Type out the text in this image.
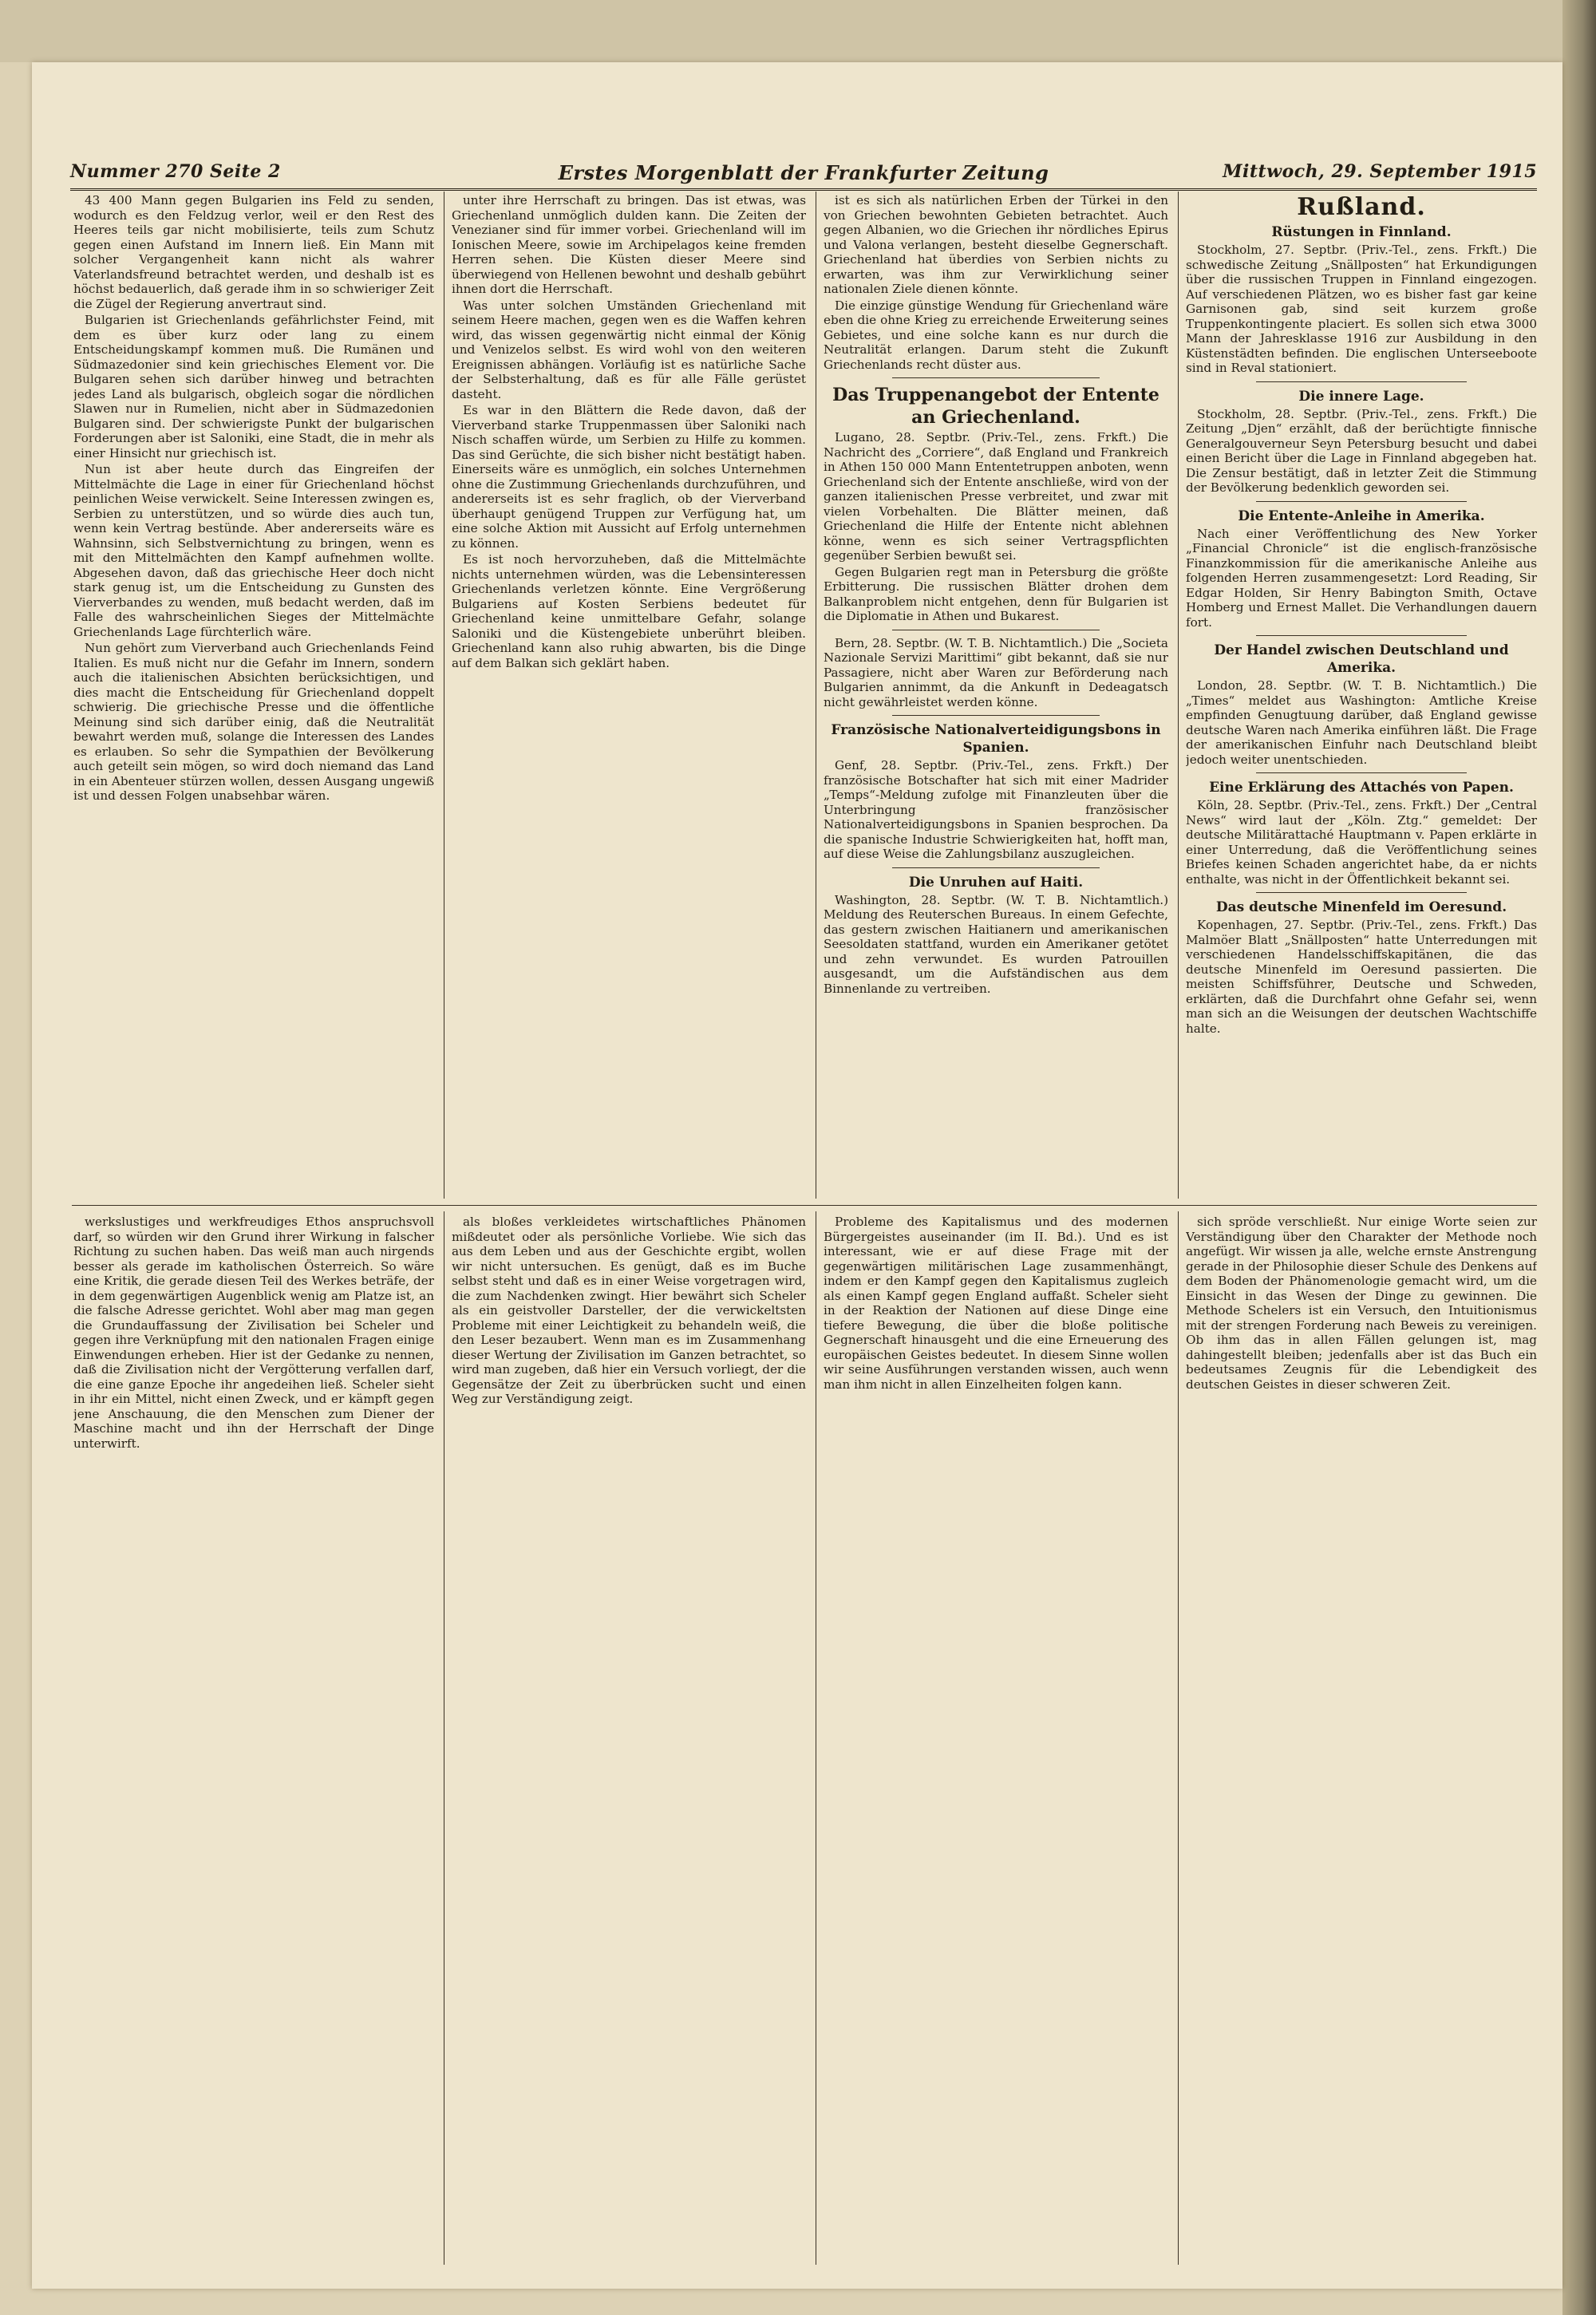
Nummer 270 Seite 2	Erstes Morgenblatt der Frankfurter Zeitung	Mittwoch, 29. September 1915

43 400 Mann gegen Bulgarien ins Feld zu senden, wodurch es den Feldzug verlor, weil er den Rest des Heeres teils gar nicht mobilisierte, teils zum Schutz gegen einen Aufstand im Innern ließ. Ein Mann mit solcher Vergangenheit kann nicht als wahrer Vaterlandsfreund betrachtet werden, und deshalb ist es höchst bedauerlich, daß gerade ihm in so schwieriger Zeit die Zügel der Regierung anvertraut sind.

Bulgarien ist Griechenlands gefährlichster Feind, mit dem es über kurz oder lang zu einem Entscheidungskampf kommen muß. Die Rumänen und Südmazedonier sind kein griechisches Element vor. Die Bulgaren sehen sich darüber hinweg und betrachten jedes Land als bulgarisch, obgleich sogar die nördlichen Slawen nur in Rumelien, nicht aber in Südmazedonien Bulgaren sind. Der schwierigste Punkt der bulgarischen Forderungen aber ist Saloniki, eine Stadt, die in mehr als einer Hinsicht nur griechisch ist.

Nun ist aber heute durch das Eingreifen der Mittelmächte die Lage in einer für Griechenland höchst peinlichen Weise verwickelt. Seine Interessen zwingen es, Serbien zu unterstützen, und so würde dies auch tun, wenn kein Vertrag bestünde. Aber andererseits wäre es Wahnsinn, sich Selbstvernichtung zu bringen, wenn es mit den Mittelmächten den Kampf aufnehmen wollte. Abgesehen davon, daß das griechische Heer doch nicht stark genug ist, um die Entscheidung zu Gunsten des Vierverbandes zu wenden, muß bedacht werden, daß im Falle des wahrscheinlichen Sieges der Mittelmächte Griechenlands Lage fürchterlich wäre.

Nun gehört zum Vierverband auch Griechenlands Feind Italien. Es muß nicht nur die Gefahr im Innern, sondern auch die italienischen Absichten berücksichtigen, und dies macht die Entscheidung für Griechenland doppelt schwierig. Die griechische Presse und die öffentliche Meinung sind sich darüber einig, daß die Neutralität bewahrt werden muß, solange die Interessen des Landes es erlauben. So sehr die Sympathien der Bevölkerung auch geteilt sein mögen, so wird doch niemand das Land in ein Abenteuer stürzen wollen, dessen Ausgang ungewiß ist und dessen Folgen unabsehbar wären.

unter ihre Herrschaft zu bringen. Das ist etwas, was Griechenland unmöglich dulden kann. Die Zeiten der Venezianer sind für immer vorbei. Griechenland will im Ionischen Meere, sowie im Archipelagos keine fremden Herren sehen. Die Küsten dieser Meere sind überwiegend von Hellenen bewohnt und deshalb gebührt ihnen dort die Herrschaft.

Was unter solchen Umständen Griechenland mit seinem Heere machen, gegen wen es die Waffen kehren wird, das wissen gegenwärtig nicht einmal der König und Venizelos selbst. Es wird wohl von den weiteren Ereignissen abhängen. Vorläufig ist es natürliche Sache der Selbsterhaltung, daß es für alle Fälle gerüstet dasteht.

Es war in den Blättern die Rede davon, daß der Vierverband starke Truppenmassen über Saloniki nach Nisch schaffen würde, um Serbien zu Hilfe zu kommen. Das sind Gerüchte, die sich bisher nicht bestätigt haben. Einerseits wäre es unmöglich, ein solches Unternehmen ohne die Zustimmung Griechenlands durchzuführen, und andererseits ist es sehr fraglich, ob der Vierverband überhaupt genügend Truppen zur Verfügung hat, um eine solche Aktion mit Aussicht auf Erfolg unternehmen zu können.

Es ist noch hervorzuheben, daß die Mittelmächte nichts unternehmen würden, was die Lebensinteressen Griechenlands verletzen könnte. Eine Vergrößerung Bulgariens auf Kosten Serbiens bedeutet für Griechenland keine unmittelbare Gefahr, solange Saloniki und die Küstengebiete unberührt bleiben. Griechenland kann also ruhig abwarten, bis die Dinge auf dem Balkan sich geklärt haben.

ist es sich als natürlichen Erben der Türkei in den von Griechen bewohnten Gebieten betrachtet. Auch gegen Albanien, wo die Griechen ihr nördliches Epirus und Valona verlangen, besteht dieselbe Gegnerschaft. Griechenland hat überdies von Serbien nichts zu erwarten, was ihm zur Verwirklichung seiner nationalen Ziele dienen könnte.

Die einzige günstige Wendung für Griechenland wäre eben die ohne Krieg zu erreichende Erweiterung seines Gebietes, und eine solche kann es nur durch die Neutralität erlangen. Darum steht die Zukunft Griechenlands recht düster aus.

Das Truppenangebot der Entente an Griechenland.

Lugano, 28. Septbr. (Priv.-Tel., zens. Frkft.) Die Nachricht des „Corriere“, daß England und Frankreich in Athen 150 000 Mann Ententetruppen anboten, wenn Griechenland sich der Entente anschließe, wird von der ganzen italienischen Presse verbreitet, und zwar mit vielen Vorbehalten. Die Blätter meinen, daß Griechenland die Hilfe der Entente nicht ablehnen könne, wenn es sich seiner Vertragspflichten gegenüber Serbien bewußt sei.

Gegen Bulgarien regt man in Petersburg die größte Erbitterung. Die russischen Blätter drohen dem Balkanproblem nicht entgehen, denn für Bulgarien ist die Diplomatie in Athen und Bukarest.

Bern, 28. Septbr. (W. T. B. Nichtamtlich.) Die „Societa Nazionale Servizi Marittimi“ gibt bekannt, daß sie nur Passagiere, nicht aber Waren zur Beförderung nach Bulgarien annimmt, da die Ankunft in Dedeagatsch nicht gewährleistet werden könne.

Französische Nationalverteidigungsbons in Spanien.

Genf, 28. Septbr. (Priv.-Tel., zens. Frkft.) Der französische Botschafter hat sich mit einer Madrider „Temps“-Meldung zufolge mit Finanzleuten über die Unterbringung französischer Nationalverteidigungsbons in Spanien besprochen. Da die spanische Industrie Schwierigkeiten hat, hofft man, auf diese Weise die Zahlungsbilanz auszugleichen.

Die Unruhen auf Haiti.

Washington, 28. Septbr. (W. T. B. Nichtamtlich.) Meldung des Reuterschen Bureaus. In einem Gefechte, das gestern zwischen Haitianern und amerikanischen Seesoldaten stattfand, wurden ein Amerikaner getötet und zehn verwundet. Es wurden Patrouillen ausgesandt, um die Aufständischen aus dem Binnenlande zu vertreiben.

Rußland.

Rüstungen in Finnland.

Stockholm, 27. Septbr. (Priv.-Tel., zens. Frkft.) Die schwedische Zeitung „Snällposten“ hat Erkundigungen über die russischen Truppen in Finnland eingezogen. Auf verschiedenen Plätzen, wo es bisher fast gar keine Garnisonen gab, sind seit kurzem große Truppenkontingente placiert. Es sollen sich etwa 3000 Mann der Jahresklasse 1916 zur Ausbildung in den Küstenstädten befinden. Die englischen Unterseeboote sind in Reval stationiert.

Die innere Lage.

Stockholm, 28. Septbr. (Priv.-Tel., zens. Frkft.) Die Zeitung „Djen“ erzählt, daß der berüchtigte finnische Generalgouverneur Seyn Petersburg besucht und dabei einen Bericht über die Lage in Finnland abgegeben hat. Die Zensur bestätigt, daß in letzter Zeit die Stimmung der Bevölkerung bedenklich geworden sei.

Die Entente-Anleihe in Amerika.

Nach einer Veröffentlichung des New Yorker „Financial Chronicle“ ist die englisch-französische Finanzkommission für die amerikanische Anleihe aus folgenden Herren zusammengesetzt: Lord Reading, Sir Edgar Holden, Sir Henry Babington Smith, Octave Homberg und Ernest Mallet. Die Verhandlungen dauern fort.

Der Handel zwischen Deutschland und Amerika.

London, 28. Septbr. (W. T. B. Nichtamtlich.) Die „Times“ meldet aus Washington: Amtliche Kreise empfinden Genugtuung darüber, daß England gewisse deutsche Waren nach Amerika einführen läßt. Die Frage der amerikanischen Einfuhr nach Deutschland bleibt jedoch weiter unentschieden.

Eine Erklärung des Attachés von Papen.

Köln, 28. Septbr. (Priv.-Tel., zens. Frkft.) Der „Central News“ wird laut der „Köln. Ztg.“ gemeldet: Der deutsche Militärattaché Hauptmann v. Papen erklärte in einer Unterredung, daß die Veröffentlichung seines Briefes keinen Schaden angerichtet habe, da er nichts enthalte, was nicht in der Öffentlichkeit bekannt sei.

Das deutsche Minenfeld im Oeresund.

Kopenhagen, 27. Septbr. (Priv.-Tel., zens. Frkft.) Das Malmöer Blatt „Snällposten“ hatte Unterredungen mit verschiedenen Handelsschiffskapitänen, die das deutsche Minenfeld im Oeresund passierten. Die meisten Schiffsführer, Deutsche und Schweden, erklärten, daß die Durchfahrt ohne Gefahr sei, wenn man sich an die Weisungen der deutschen Wachtschiffe halte.

werkslustiges und werkfreudiges Ethos anspruchsvoll darf, so würden wir den Grund ihrer Wirkung in falscher Richtung zu suchen haben. Das weiß man auch nirgends besser als gerade im katholischen Österreich. So wäre eine Kritik, die gerade diesen Teil des Werkes beträfe, der in dem gegenwärtigen Augenblick wenig am Platze ist, an die falsche Adresse gerichtet. Wohl aber mag man gegen die Grundauffassung der Zivilisation bei Scheler und gegen ihre Verknüpfung mit den nationalen Fragen einige Einwendungen erheben. Hier ist der Gedanke zu nennen, daß die Zivilisation nicht der Vergötterung verfallen darf, die eine ganze Epoche ihr angedeihen ließ. Scheler sieht in ihr ein Mittel, nicht einen Zweck, und er kämpft gegen jene Anschauung, die den Menschen zum Diener der Maschine macht und ihn der Herrschaft der Dinge unterwirft.

als bloßes verkleidetes wirtschaftliches Phänomen mißdeutet oder als persönliche Vorliebe. Wie sich das aus dem Leben und aus der Geschichte ergibt, wollen wir nicht untersuchen. Es genügt, daß es im Buche selbst steht und daß es in einer Weise vorgetragen wird, die zum Nachdenken zwingt. Hier bewährt sich Scheler als ein geistvoller Darsteller, der die verwickeltsten Probleme mit einer Leichtigkeit zu behandeln weiß, die den Leser bezaubert. Wenn man es im Zusammenhang dieser Wertung der Zivilisation im Ganzen betrachtet, so wird man zugeben, daß hier ein Versuch vorliegt, der die Gegensätze der Zeit zu überbrücken sucht und einen Weg zur Verständigung zeigt.

Probleme des Kapitalismus und des modernen Bürgergeistes auseinander (im II. Bd.). Und es ist interessant, wie er auf diese Frage mit der gegenwärtigen militärischen Lage zusammenhängt, indem er den Kampf gegen den Kapitalismus zugleich als einen Kampf gegen England auffaßt. Scheler sieht in der Reaktion der Nationen auf diese Dinge eine tiefere Bewegung, die über die bloße politische Gegnerschaft hinausgeht und die eine Erneuerung des europäischen Geistes bedeutet. In diesem Sinne wollen wir seine Ausführungen verstanden wissen, auch wenn man ihm nicht in allen Einzelheiten folgen kann.

sich spröde verschließt. Nur einige Worte seien zur Verständigung über den Charakter der Methode noch angefügt. Wir wissen ja alle, welche ernste Anstrengung gerade in der Philosophie dieser Schule des Denkens auf dem Boden der Phänomenologie gemacht wird, um die Einsicht in das Wesen der Dinge zu gewinnen. Die Methode Schelers ist ein Versuch, den Intuitionismus mit der strengen Forderung nach Beweis zu vereinigen. Ob ihm das in allen Fällen gelungen ist, mag dahingestellt bleiben; jedenfalls aber ist das Buch ein bedeutsames Zeugnis für die Lebendigkeit des deutschen Geistes in dieser schweren Zeit.
